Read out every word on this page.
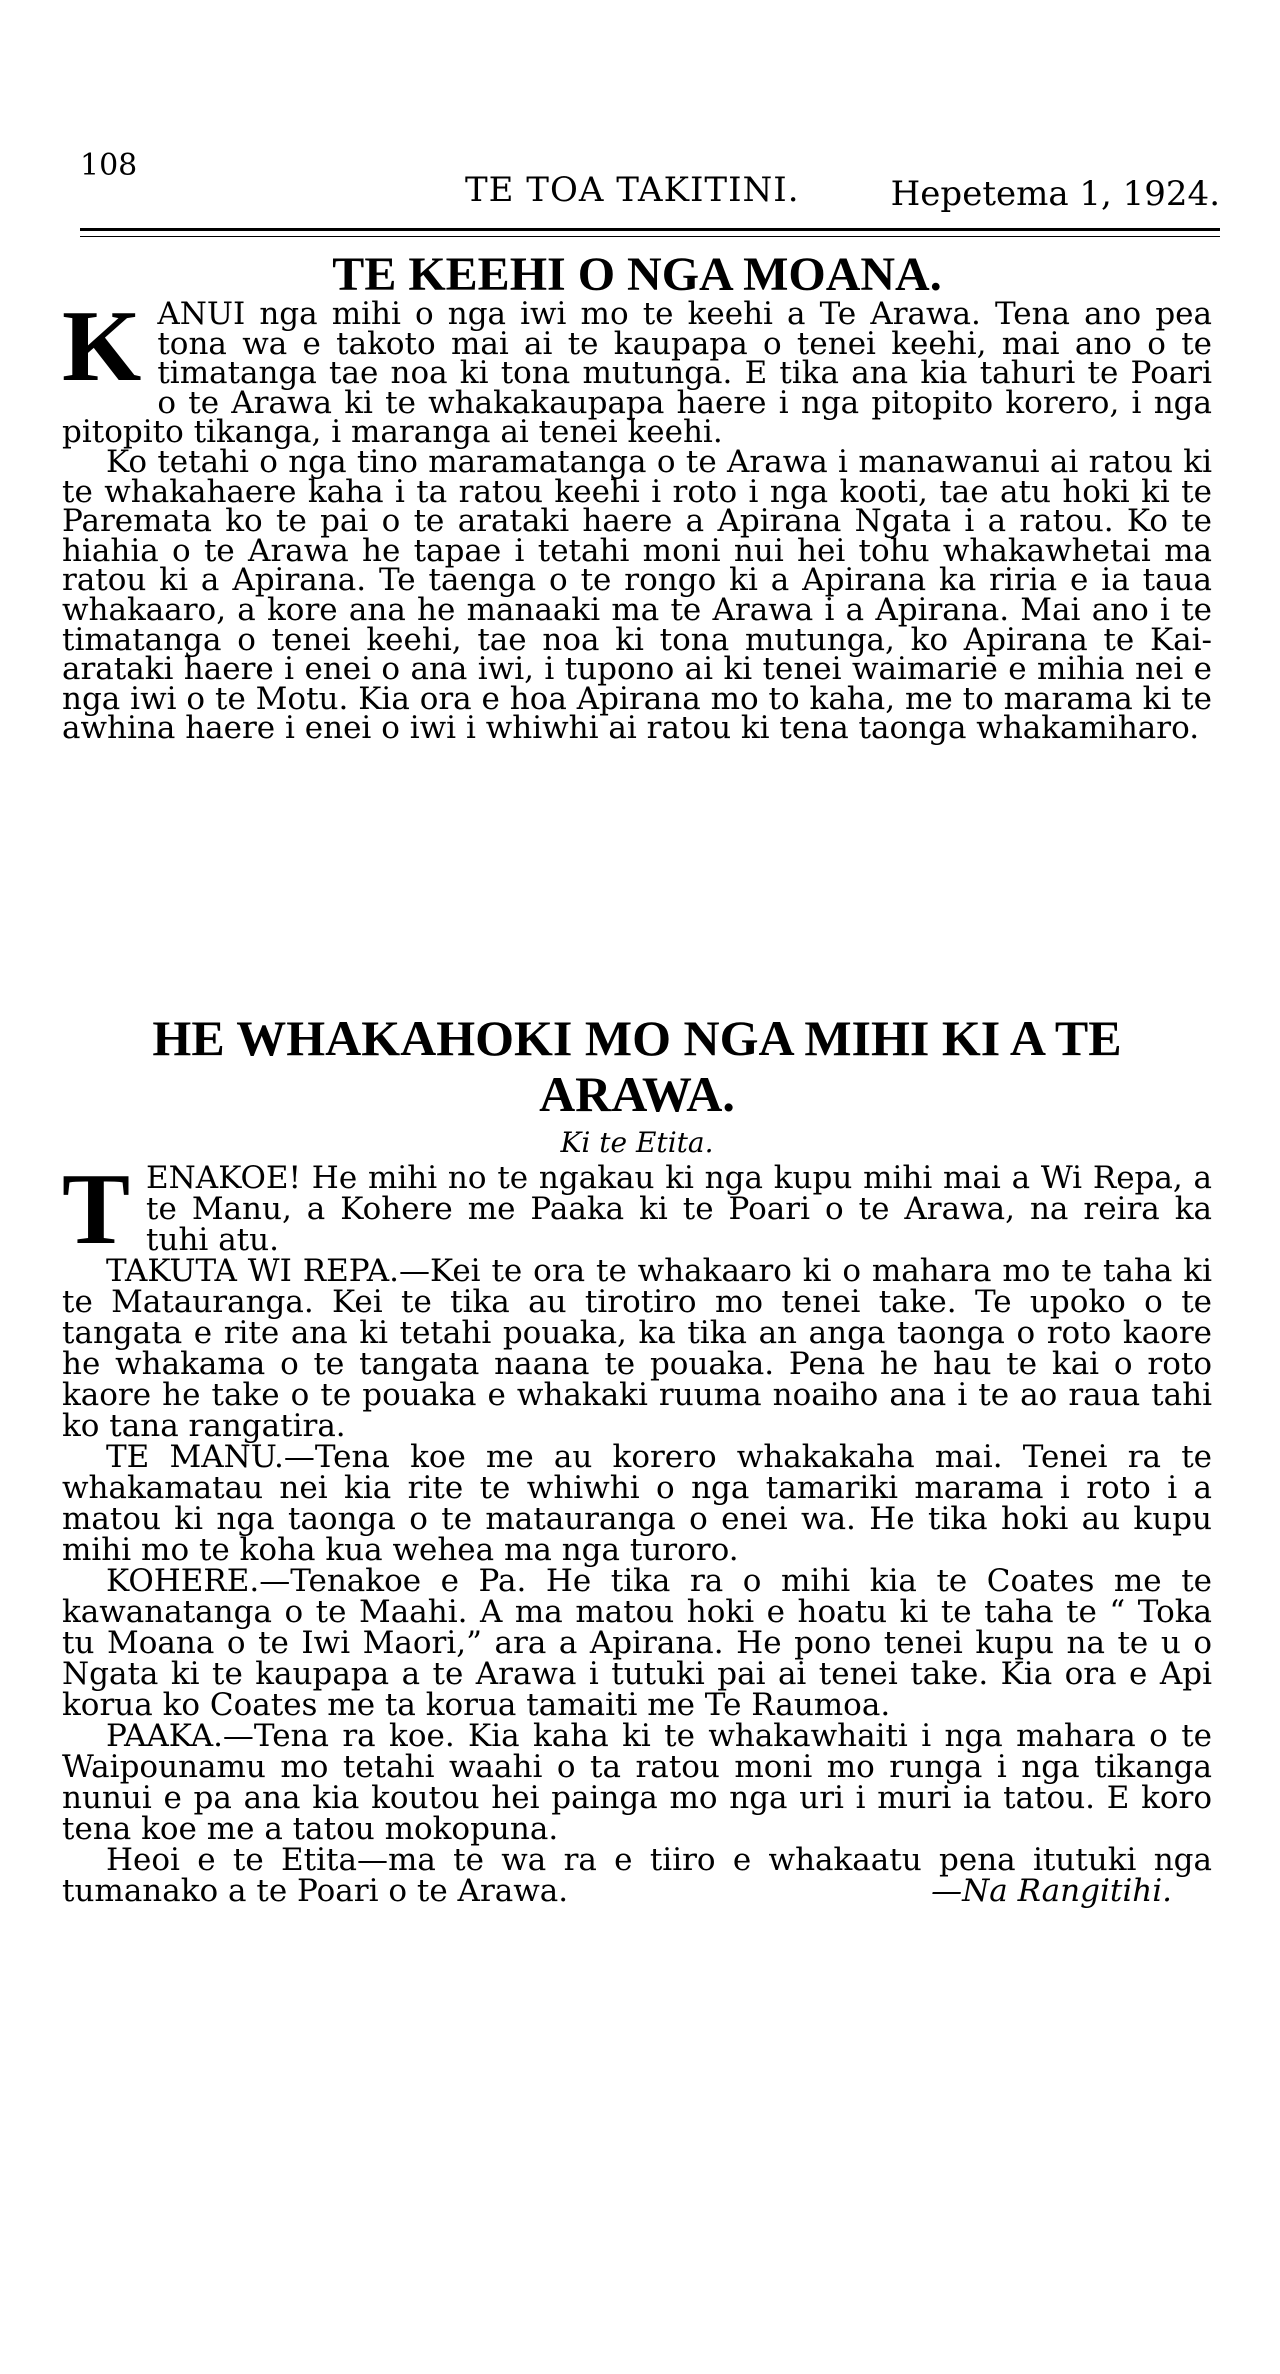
108
TE TOA TAKITINI.	Hepetema 1, 1924.
TE KEEHI O NGA MOANA.

KANUI nga mihi o nga iwi mo te keehi a Te Arawa. Tena ano pea tona wa e takoto mai ai te kaupapa o tenei keehi, mai ano o te timatanga tae noa ki tona mutunga. E tika ana kia tahuri te Poari o te Arawa ki te whakakaupapa haere i nga pitopito korero, i nga pitopito tikanga, i maranga ai tenei keehi.

Ko tetahi o nga tino maramatanga o te Arawa i manawanui ai ratou ki te whakahaere kaha i ta ratou keehi i roto i nga kooti, tae atu hoki ki te Paremata ko te pai o te arataki haere a Apirana Ngata i a ratou. Ko te hiahia o te Arawa he tapae i tetahi moni nui hei tohu whakawhetai ma ratou ki a Apirana. Te taenga o te rongo ki a Apirana ka riria e ia taua whakaaro, a kore ana he manaaki ma te Arawa i a Apirana. Mai ano i te timatanga o tenei keehi, tae noa ki tona mutunga, ko Apirana te Kai-arataki haere i enei o ana iwi, i tupono ai ki tenei waimarie e mihia nei e nga iwi o te Motu. Kia ora e hoa Apirana mo to kaha, me to marama ki te awhina haere i enei o iwi i whiwhi ai ratou ki tena taonga whakamiharo.

HE WHAKAHOKI MO NGA MIHI KI A TE ARAWA.
Ki te Etita.

TENAKOE! He mihi no te ngakau ki nga kupu mihi mai a Wi Repa, a te Manu, a Kohere me Paaka ki te Poari o te Arawa, na reira ka tuhi atu.

TAKUTA WI REPA.—Kei te ora te whakaaro ki o mahara mo te taha ki te Matauranga. Kei te tika au tirotiro mo tenei take. Te upoko o te tangata e rite ana ki tetahi pouaka, ka tika an anga taonga o roto kaore he whakama o te tangata naana te pouaka. Pena he hau te kai o roto kaore he take o te pouaka e whakaki ruuma noaiho ana i te ao raua tahi ko tana rangatira.

TE MANU.—Tena koe me au korero whakakaha mai. Tenei ra te whakamatau nei kia rite te whiwhi o nga tamariki marama i roto i a matou ki nga taonga o te matauranga o enei wa. He tika hoki au kupu mihi mo te koha kua wehea ma nga turoro.

KOHERE.—Tenakoe e Pa. He tika ra o mihi kia te Coates me te kawanatanga o te Maahi. A ma matou hoki e hoatu ki te taha te “ Toka tu Moana o te Iwi Maori,” ara a Apirana. He pono tenei kupu na te u o Ngata ki te kaupapa a te Arawa i tutuki pai ai tenei take. Kia ora e Api korua ko Coates me ta korua tamaiti me Te Raumoa.

PAAKA.—Tena ra koe. Kia kaha ki te whakawhaiti i nga mahara o te Waipounamu mo tetahi waahi o ta ratou moni mo runga i nga tikanga nunui e pa ana kia koutou hei painga mo nga uri i muri ia tatou. E koro tena koe me a tatou mokopuna.

Heoi e te Etita—ma te wa ra e tiiro e whakaatu pena itutuki nga tumanako a te Poari o te Arawa.	—Na Rangitihi.
